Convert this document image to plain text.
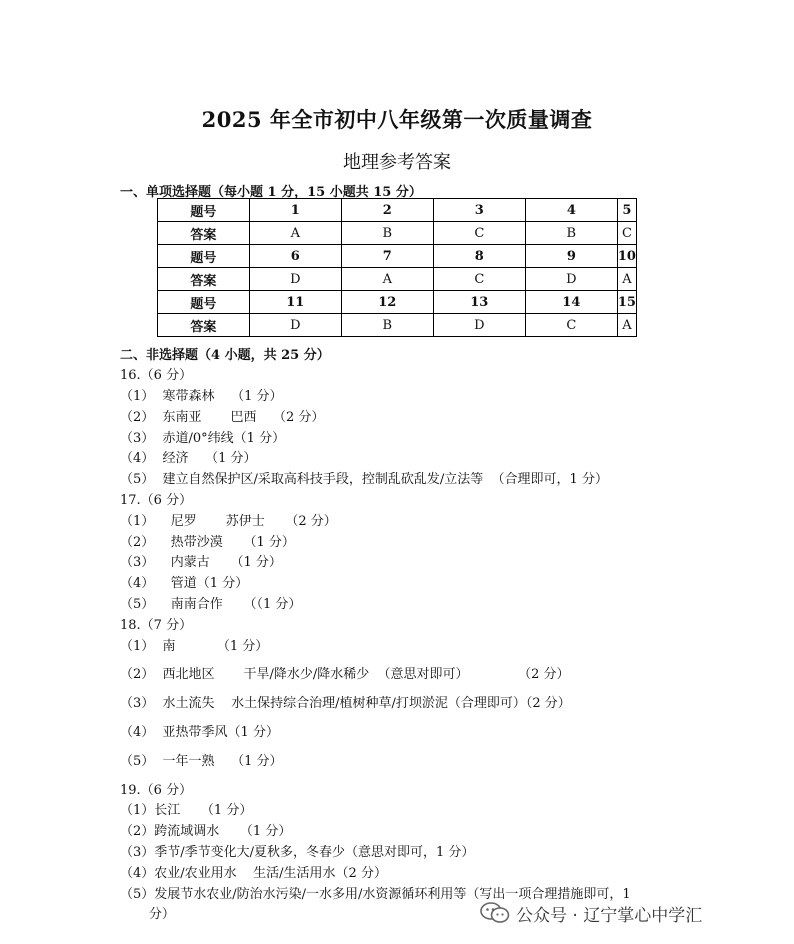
2025 年全市初中八年级第一次质量调查
地理参考答案
一、单项选择题（每小题 1 分，15 小题共 15 分）
题号	1	2	3	4	5
答案	A	B	C	B	C
题号	6	7	8	9	10
答案	D	A	C	D	A
题号	11	12	13	14	15
答案	D	B	D	C	A
二、非选择题（4 小题，共 25 分）
16.（6 分）
（1）  寒带森林    （1 分）
（2）  东南亚       巴西    （2 分）
（3）  赤道/0°纬线（1 分）
（4）  经济    （1 分）
（5）  建立自然保护区/采取高科技手段，控制乱砍乱发/立法等  （合理即可，1 分）
17.（6 分）
（1）    尼罗       苏伊士     （2 分）
（2）    热带沙漠     （1 分）
（3）    内蒙古     （1 分）
（4）    管道（1 分）
（5）    南南合作     （（1 分）
18.（7 分）
（1）  南          （1 分）
（2）  西北地区       干旱/降水少/降水稀少  （意思对即可）            （2 分）
（3）  水土流失    水土保持综合治理/植树种草/打坝淤泥（合理即可）（2 分）
（4）  亚热带季风（1 分）
（5）  一年一熟    （1 分）
19.（6 分）
（1）长江     （1 分）
（2）跨流域调水     （1 分）
（3）季节/季节变化大/夏秋多，冬春少（意思对即可，1 分）
（4）农业/农业用水    生活/生活用水（2 分）
（5）发展节水农业/防治水污染/一水多用/水资源循环利用等（写出一项合理措施即可，1
分）	公众号 · 辽宁掌心中学汇
